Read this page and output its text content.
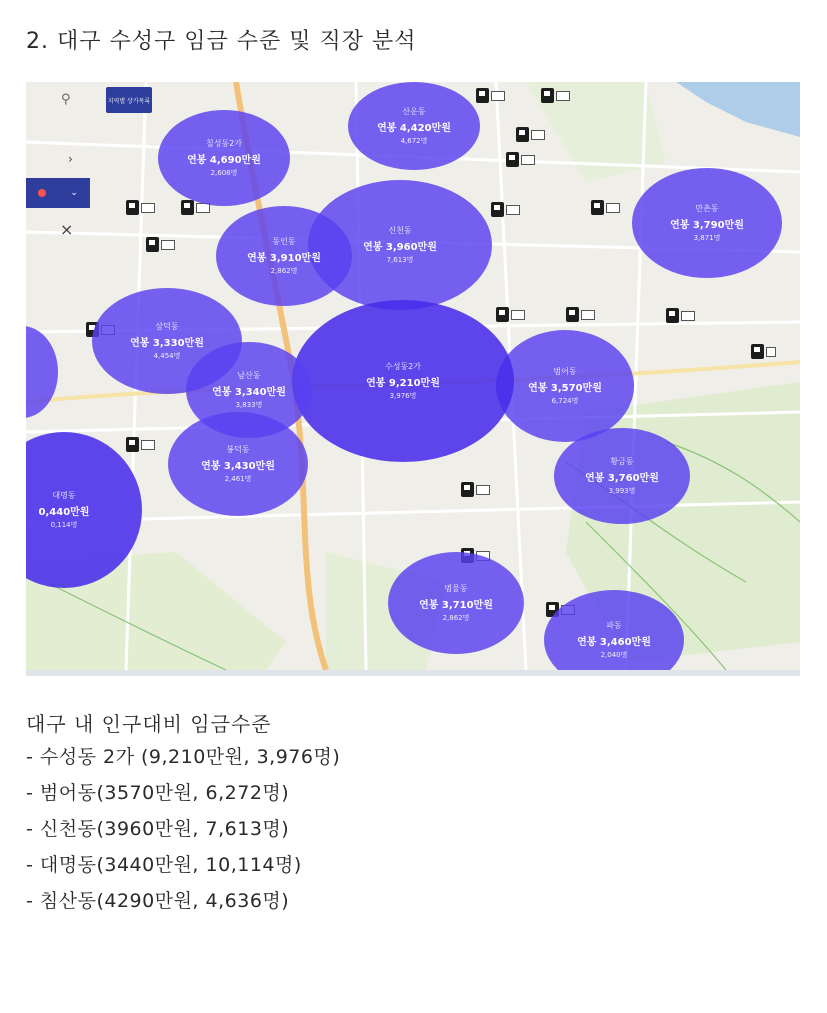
2. 대구 수성구 임금 수준 및 직장 분석
⚲	지역별 상가목록
›
⌄
×

범어동
연봉 3,570만원
6,724명
신천동
연봉 3,960만원
7,613명
수성동2가
연봉 9,210만원
3,976명
대명동
0,440만원
0,114명
산운동
연봉 4,420만원
4,672명
범물동
연봉 3,710만원
2,862명
황금동
연봉 3,760만원
3,993명
만촌동
연봉 3,790만원
3,871명
파동
연봉 3,460만원
2,040명
봉덕동
연봉 3,430만원
2,461명
남산동
연봉 3,340만원
3,833명
삼덕동
연봉 3,330만원
4,454명
동인동
연봉 3,910만원
2,862명
칠성동2가
연봉 4,690만원
2,608명
대구 내 인구대비 임금수준
- 수성동 2가 (9,210만원, 3,976명)
- 범어동(3570만원, 6,272명)
- 신천동(3960만원, 7,613명)
- 대명동(3440만원, 10,114명)
- 침산동(4290만원, 4,636명)
